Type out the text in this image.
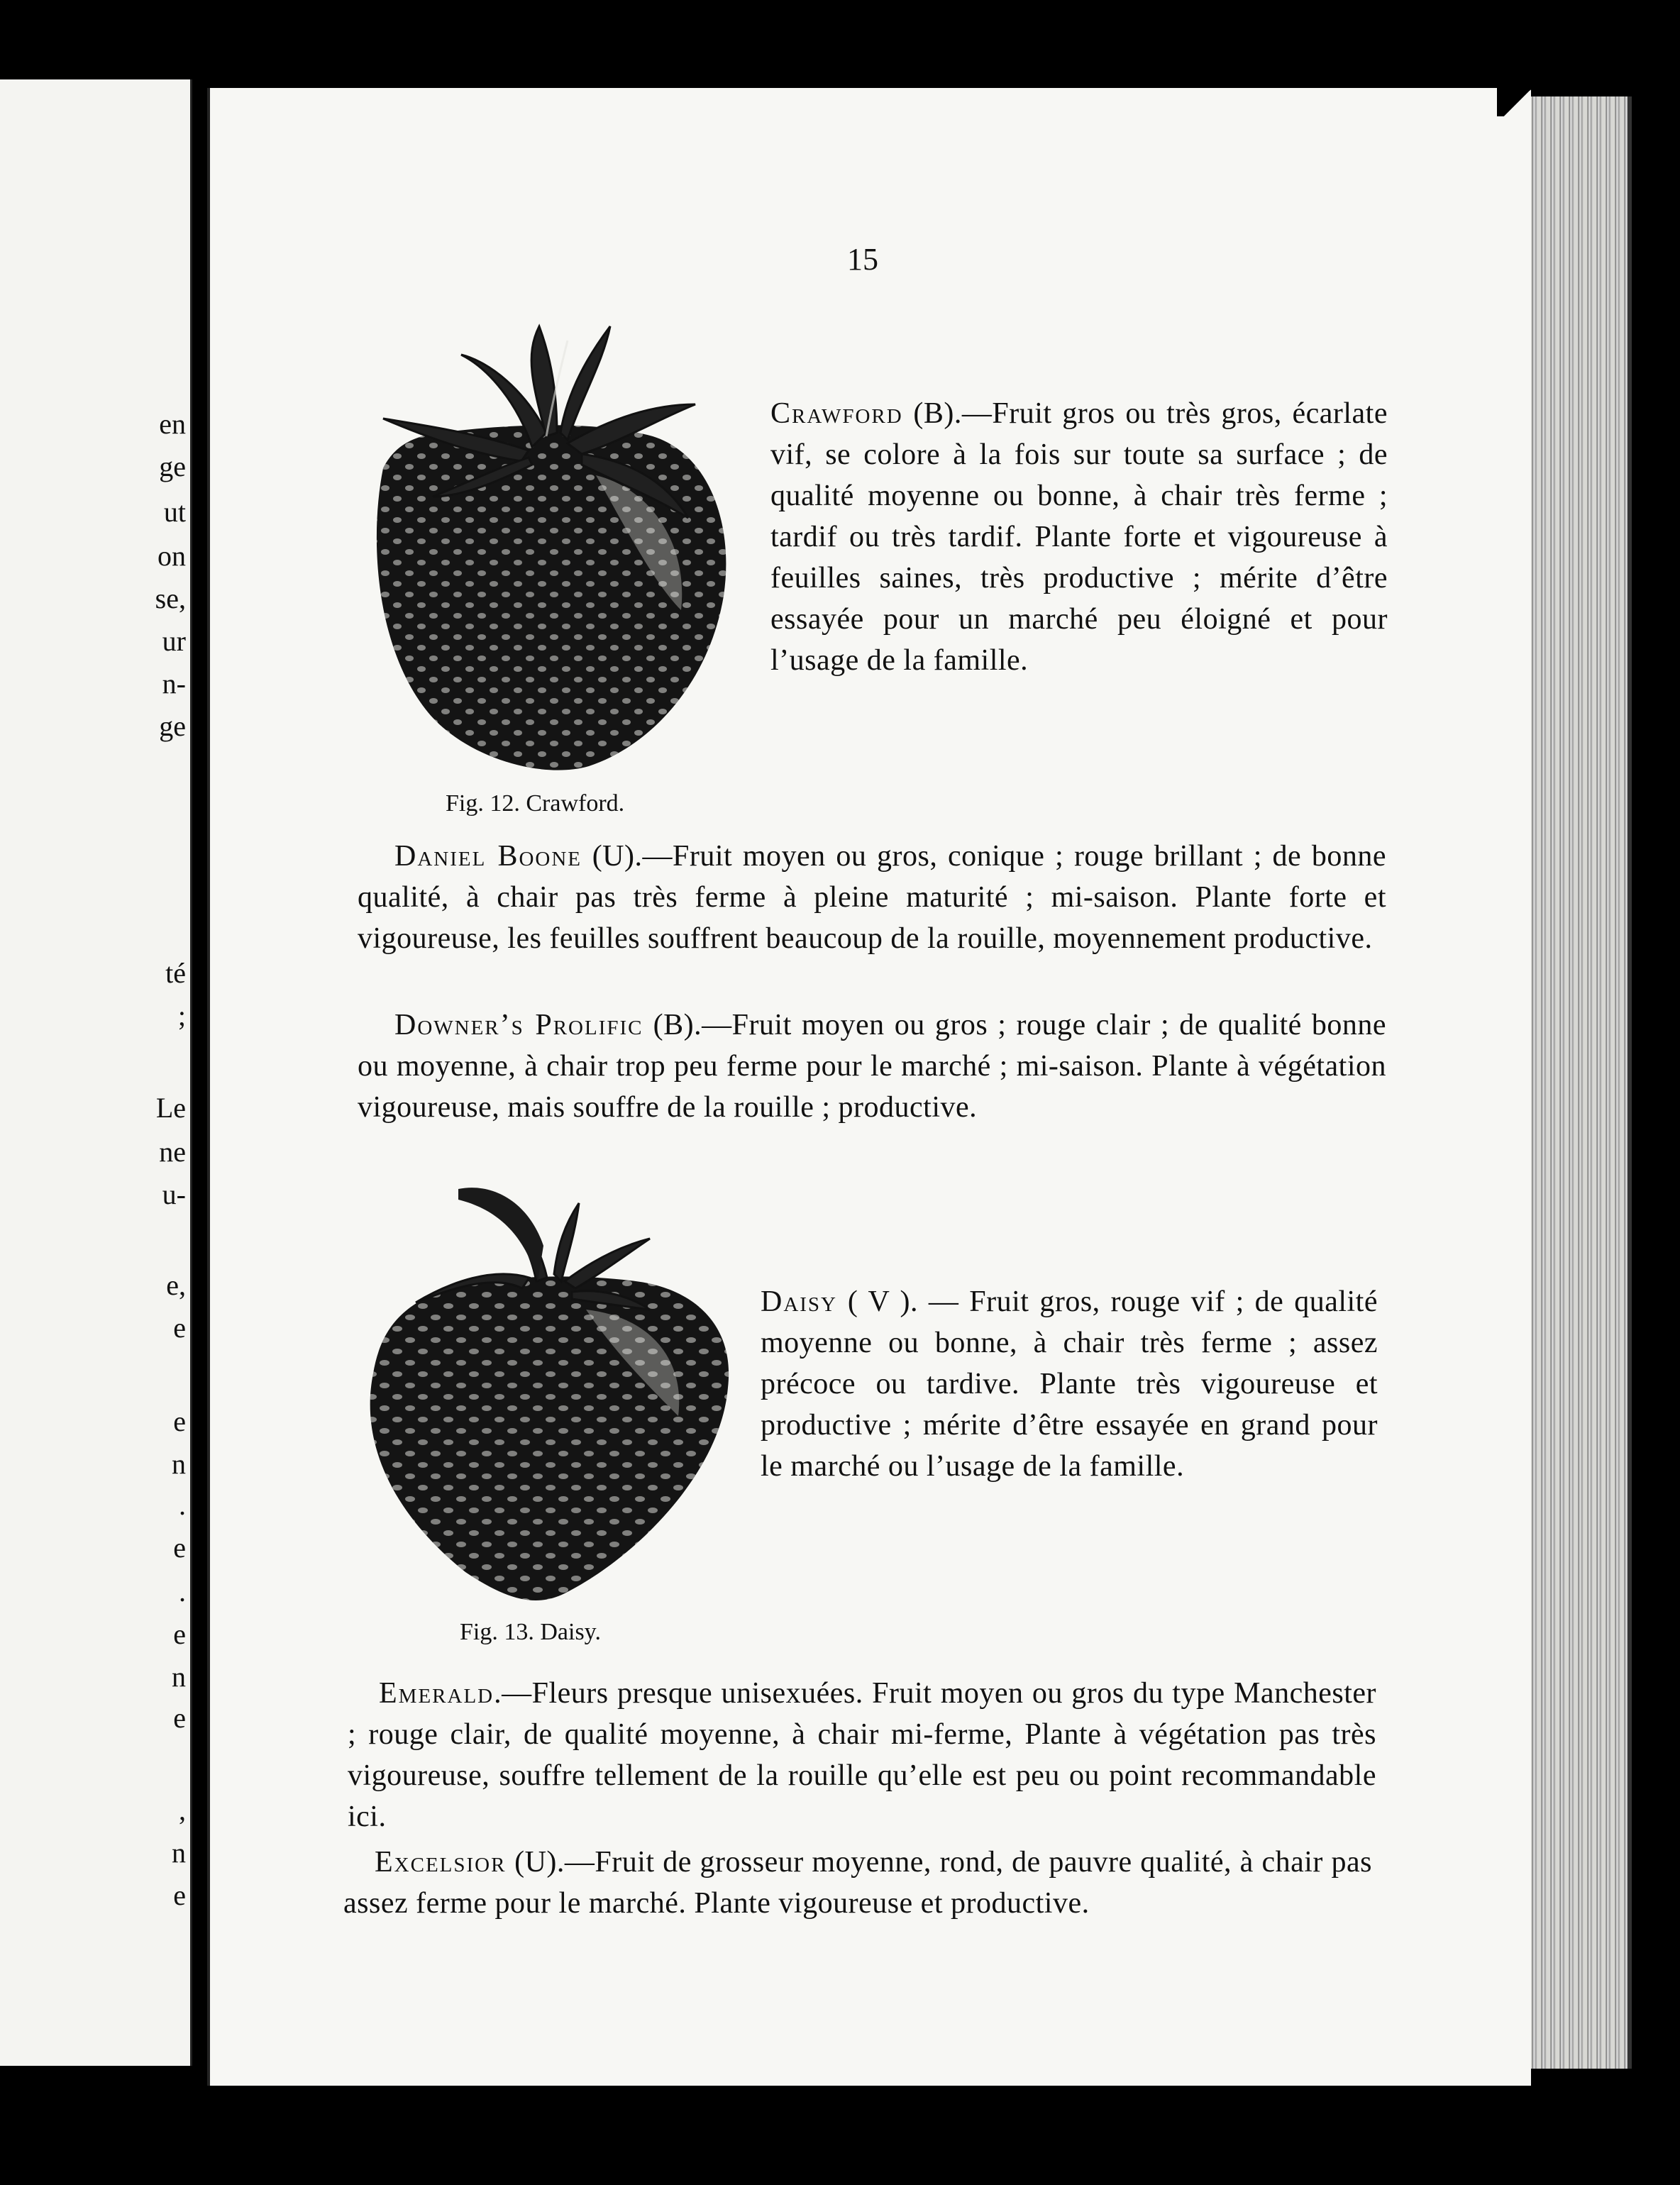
en

ge

ut

on

se,

ur

n-

ge

té

;

Le

ne

u-

e,

e

e

n

.

e

.

e

n

e

,

n

e

15

Fig. 12. Crawford.

Crawford (B).—Fruit gros ou très gros, écarlate vif, se colore à la fois sur toute sa surface ; de qualité moyenne ou bonne, à chair très ferme ; tardif ou très tardif. Plante forte et vigoureuse à feuilles saines, très productive ; mérite d’être essayée pour un marché peu éloigné et pour l’usage de la famille.

Daniel Boone (U).—Fruit moyen ou gros, conique ; rouge brillant ; de bonne qualité, à chair pas très ferme à pleine maturité ; mi-saison. Plante forte et vigoureuse, les feuilles souffrent beaucoup de la rouille, moyennement productive.

Downer’s Prolific (B).—Fruit moyen ou gros ; rouge clair ; de qualité bonne ou moyenne, à chair trop peu ferme pour le marché ; mi-saison. Plante à végétation vigoureuse, mais souffre de la rouille ; productive.

Fig. 13. Daisy.

Daisy ( V ). — Fruit gros, rouge vif ; de qualité moyenne ou bonne, à chair très ferme ; assez précoce ou tardive. Plante très vigoureuse et productive ; mérite d’être essayée en grand pour le marché ou l’usage de la famille.

Emerald.—Fleurs presque unisexuées. Fruit moyen ou gros du type Manchester ; rouge clair, de qualité moyenne, à chair mi-ferme, Plante à végétation pas très vigoureuse, souffre tellement de la rouille qu’elle est peu ou point recommandable ici.

Excelsior (U).—Fruit de grosseur moyenne, rond, de pauvre qualité, à chair pas assez ferme pour le marché. Plante vigoureuse et productive.
